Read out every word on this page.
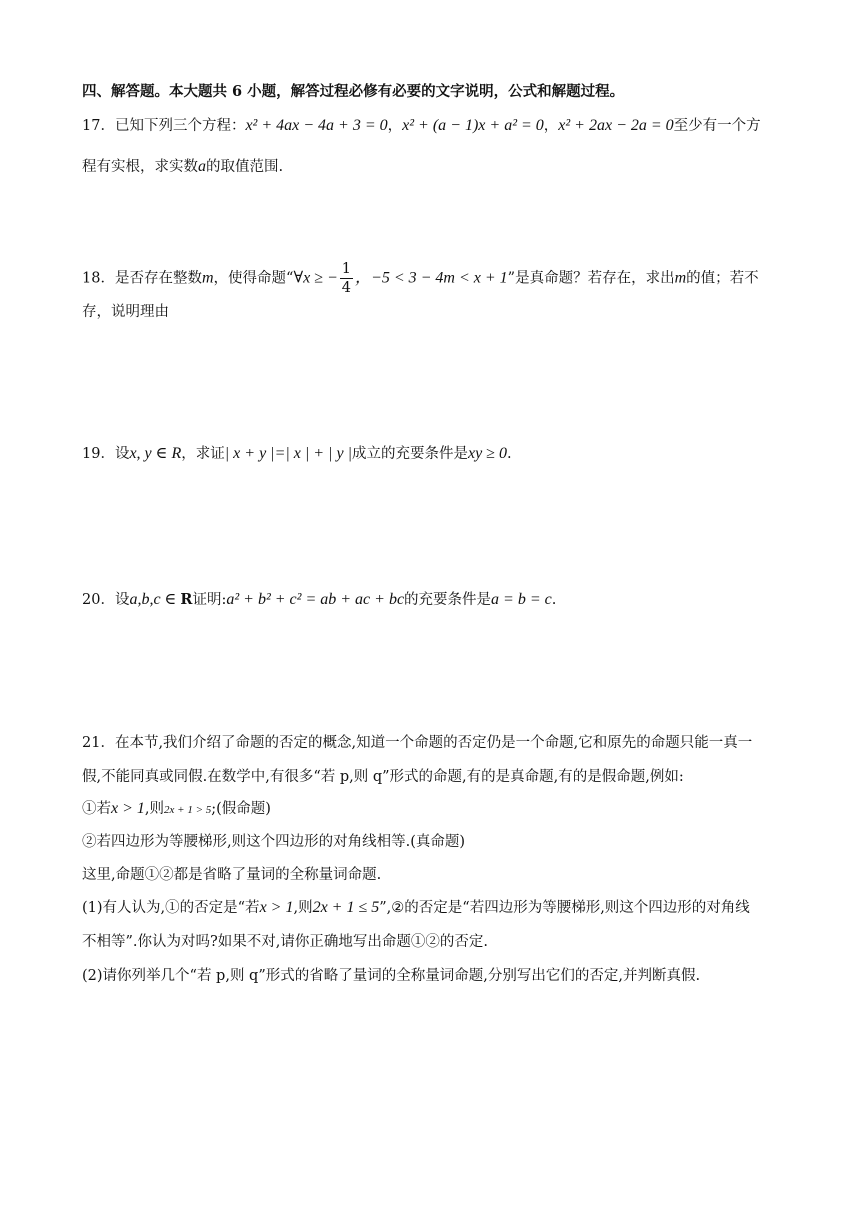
四、解答题。本大题共 6 小题，解答过程必修有必要的文字说明，公式和解题过程。
17．已知下列三个方程：x² + 4ax − 4a + 3 = 0，x² + (a − 1)x + a² = 0，x² + 2ax − 2a = 0至少有一个方
程有实根，求实数a的取值范围.
18．是否存在整数m，使得命题“∀x ≥ − $\frac{1}{4}$ ，−5 < 3 − 4m < x + 1”是真命题？若存在，求出m的值；若不
存，说明理由
19．设x, y ∈ R，求证| x + y |=| x | + | y |成立的充要条件是xy ≥ 0.
20．设a,b,c ∈ R证明:a² + b² + c² = ab + ac + bc的充要条件是a = b = c.
21．在本节,我们介绍了命题的否定的概念,知道一个命题的否定仍是一个命题,它和原先的命题只能一真一
假,不能同真或同假.在数学中,有很多“若 p,则 q”形式的命题,有的是真命题,有的是假命题,例如:
①若x > 1,则2x + 1 > 5;(假命题)
②若四边形为等腰梯形,则这个四边形的对角线相等.(真命题)
这里,命题①②都是省略了量词的全称量词命题.
(1)有人认为,①的否定是“若x > 1,则2x + 1 ≤ 5”,②的否定是“若四边形为等腰梯形,则这个四边形的对角线
不相等”.你认为对吗?如果不对,请你正确地写出命题①②的否定.
(2)请你列举几个“若 p,则 q”形式的省略了量词的全称量词命题,分别写出它们的否定,并判断真假.
